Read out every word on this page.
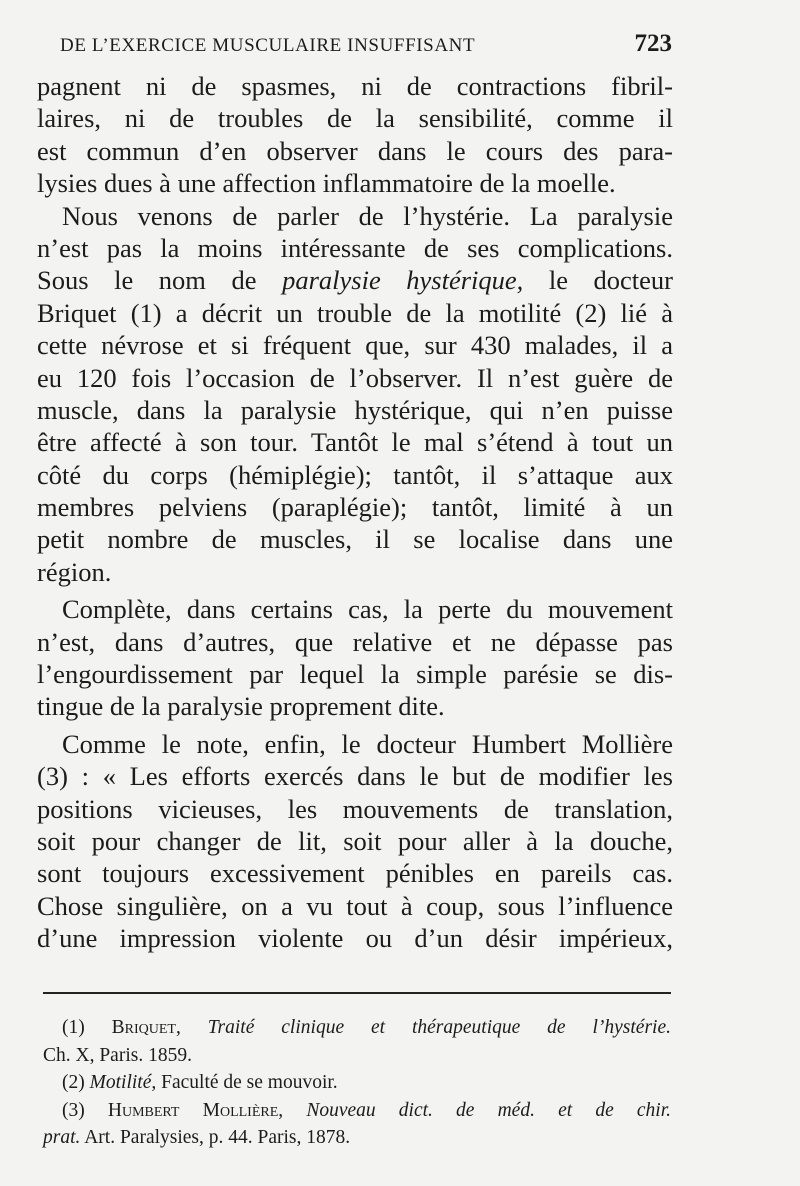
DE L’EXERCICE MUSCULAIRE INSUFFISANT	723
pagnent ni de spasmes, ni de contractions fibril-
laires, ni de troubles de la sensibilité, comme il
est commun d’en observer dans le cours des para-
lysies dues à une affection inflammatoire de la moelle.
Nous venons de parler de l’hystérie. La paralysie
n’est pas la moins intéressante de ses complications.
Sous le nom de paralysie hystérique, le docteur
Briquet (1) a décrit un trouble de la motilité (2) lié à
cette névrose et si fréquent que, sur 430 malades, il a
eu 120 fois l’occasion de l’observer. Il n’est guère de
muscle, dans la paralysie hystérique, qui n’en puisse
être affecté à son tour. Tantôt le mal s’étend à tout un
côté du corps (hémiplégie); tantôt, il s’attaque aux
membres pelviens (paraplégie); tantôt, limité à un
petit nombre de muscles, il se localise dans une
région.
Complète, dans certains cas, la perte du mouvement
n’est, dans d’autres, que relative et ne dépasse pas
l’engourdissement par lequel la simple parésie se dis-
tingue de la paralysie proprement dite.
Comme le note, enfin, le docteur Humbert Mollière
(3) : « Les efforts exercés dans le but de modifier les
positions vicieuses, les mouvements de translation,
soit pour changer de lit, soit pour aller à la douche,
sont toujours excessivement pénibles en pareils cas.
Chose singulière, on a vu tout à coup, sous l’influence
d’une impression violente ou d’un désir impérieux,
(1) Briquet, Traité clinique et thérapeutique de l’hystérie.
Ch. X, Paris. 1859.
(2) Motilité, Faculté de se mouvoir.
(3) Humbert Mollière, Nouveau dict. de méd. et de chir.
prat. Art. Paralysies, p. 44. Paris, 1878.
